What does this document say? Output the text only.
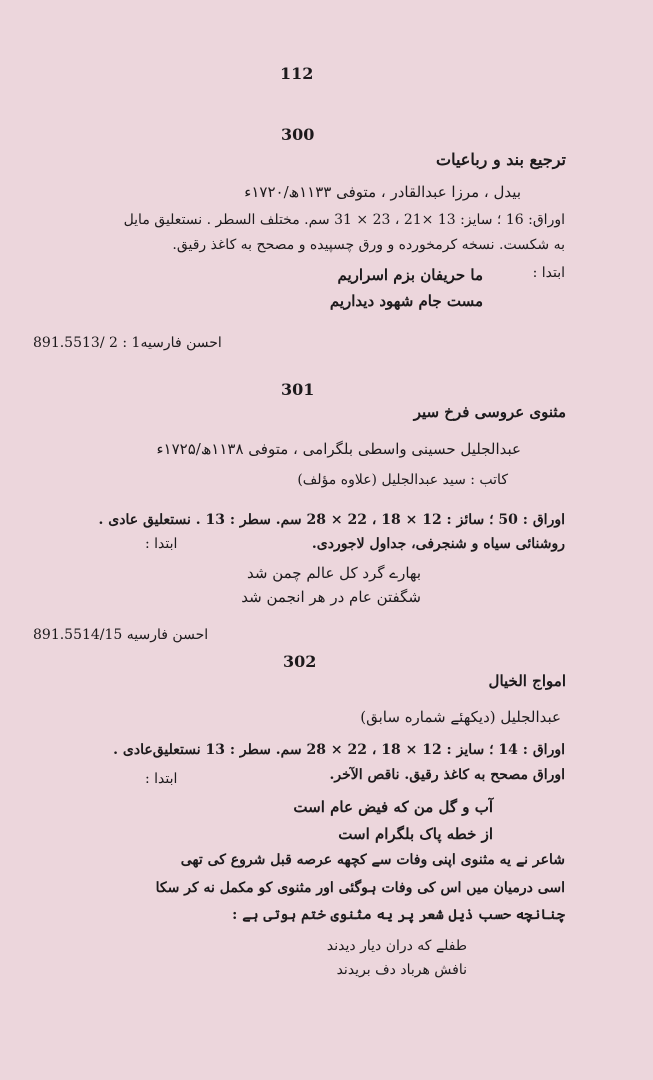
112
300
ترجیع بند و رباعیات
بیدل ، مرزا عبدالقادر ، متوفی ۱۱۳۳ھ/۱۷۲۰ء
اوراق: 16 ؛ سایز: 13 ×21 ، 23 × 31 سم. مختلف السطر . نستعلیق مایل
به شکست. نسخه کرمخورده و ورق چسپیده و مصحح به کاغذ رقیق.
ابتدا :
ما حریفان بزم اسراریم
مست جام شهود دیداریم
احسن فارسیه1 : 2 /891.5513
301
مثنوی عروسی فرخ سیر
عبدالجلیل حسینی واسطی بلگرامی ، متوفی ۱۱۳۸ھ/۱۷۲۵ء
کاتب : سید عبدالجلیل (علاوه مؤلف)
اوراق : 50 ؛ سائز : 12 × 18 ، 22 × 28 سم. سطر : 13 . نستعلیق عادی .
روشنائی سیاه و شنجرفی، جداول لاجوردی.
ابتدا :
بهارے گرد کل عالم چمن شد
شگفتن عام در هر انجمن شد
احسن فارسیه 891.5514/15
302
امواج الخیال
عبدالجلیل (دیکھئے شماره سابق)
اوراق : 14 ؛ سایز : 12 × 18 ، 22 × 28 سم. سطر : 13 نستعلیق‌عادی .
اوراق مصحح به کاغذ رقیق. ناقص الآخر.
ابتدا :
آب و گل من که فیض عام است
از خطه پاک بلگرام است
شاعر نے یه مثنوی اپنی وفات سے کچھه عرصه قبل شروع کی تھی
اسی درمیان میں اس کی وفات ہوگئی اور مثنوی کو مکمل نه کر سکا
چنانچه حسب ذیل شعر پر یه مثنوی ختم ہوتی ہے :
طفلے که دران دیار دیدند
نافش هرباد دف بریدند
